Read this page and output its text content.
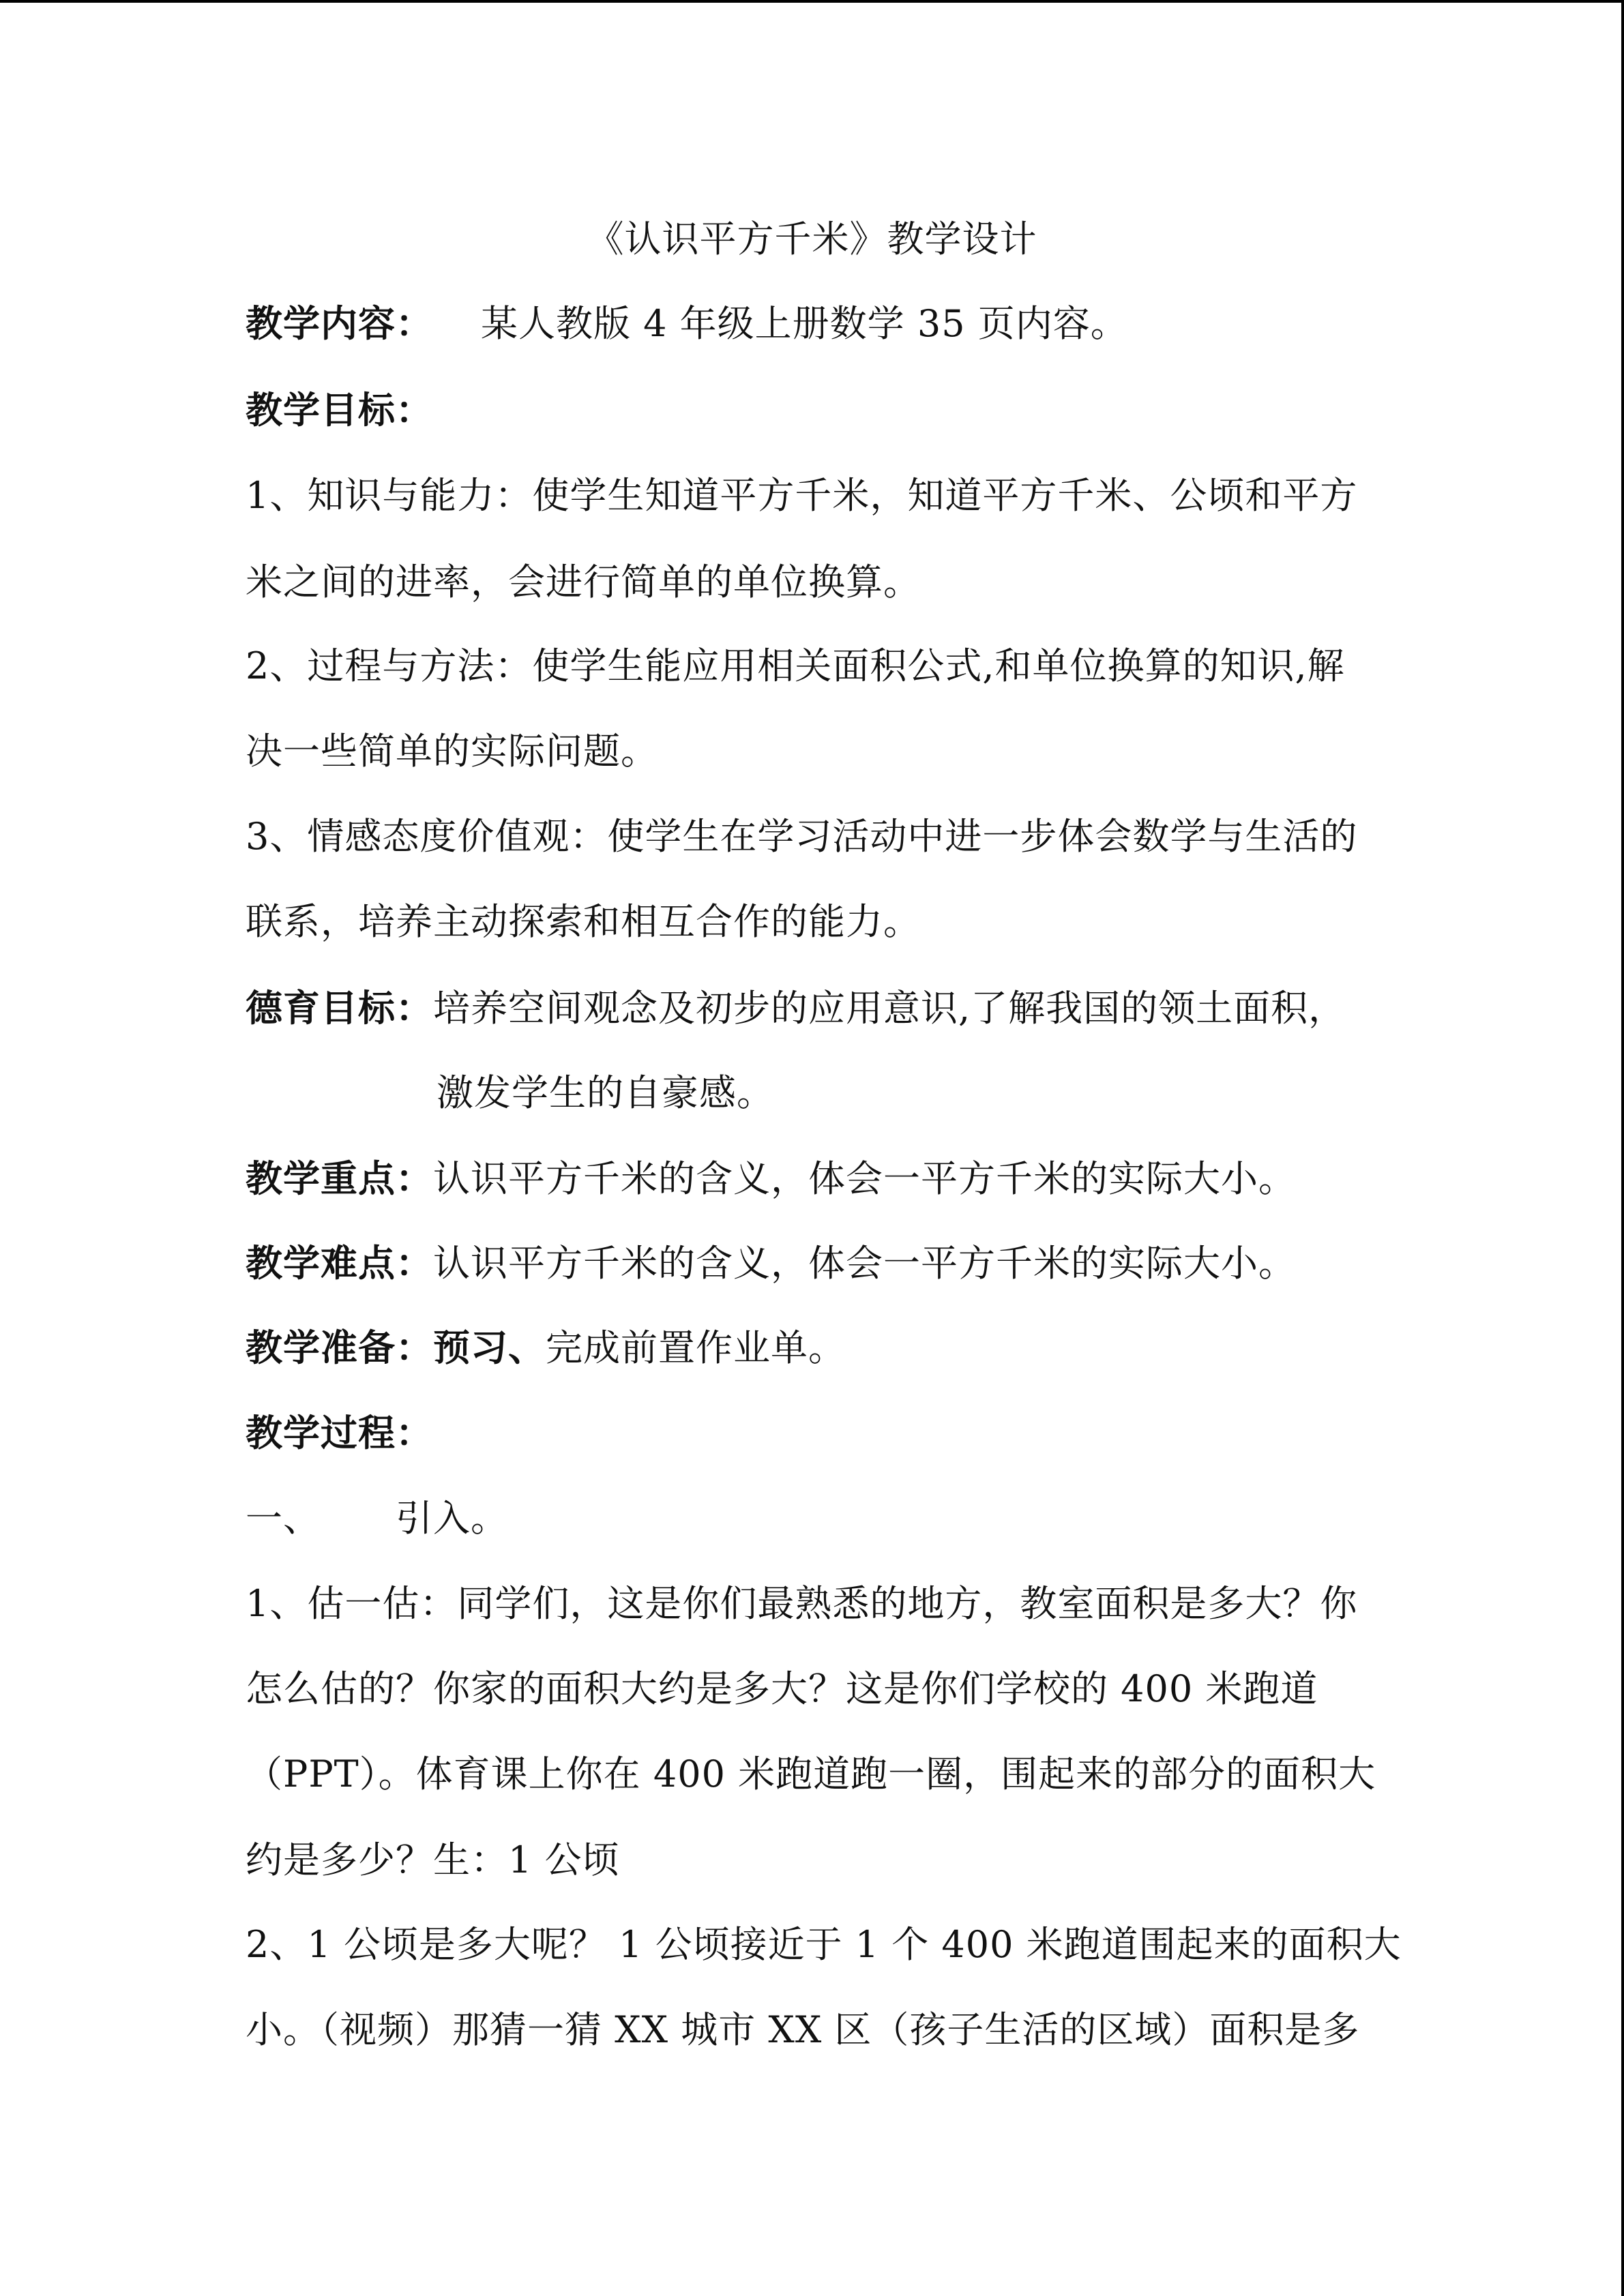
《认识平方千米》教学设计
教学内容： 某人教版 4 年级上册数学 35 页内容。
教学目标：
1、知识与能力：使学生知道平方千米，知道平方千米、公顷和平方
米之间的进率，会进行简单的单位换算。
2、过程与方法：使学生能应用相关面积公式,和单位换算的知识,解
决一些简单的实际问题。
3、情感态度价值观：使学生在学习活动中进一步体会数学与生活的
联系，培养主动探索和相互合作的能力。
德育目标：培养空间观念及初步的应用意识,了解我国的领土面积，
激发学生的自豪感。
教学重点：认识平方千米的含义，体会一平方千米的实际大小。
教学难点：认识平方千米的含义，体会一平方千米的实际大小。
教学准备：预习、完成前置作业单。
教学过程：
一、 引入。
1、估一估：同学们，这是你们最熟悉的地方，教室面积是多大？你
怎么估的？你家的面积大约是多大？这是你们学校的 400 米跑道
（PPT）。体育课上你在 400 米跑道跑一圈，围起来的部分的面积大
约是多少？生：1 公顷
2、1 公顷是多大呢？ 1 公顷接近于 1 个 400 米跑道围起来的面积大
小。（视频）那猜一猜 XX 城市 XX 区（孩子生活的区域）面积是多
